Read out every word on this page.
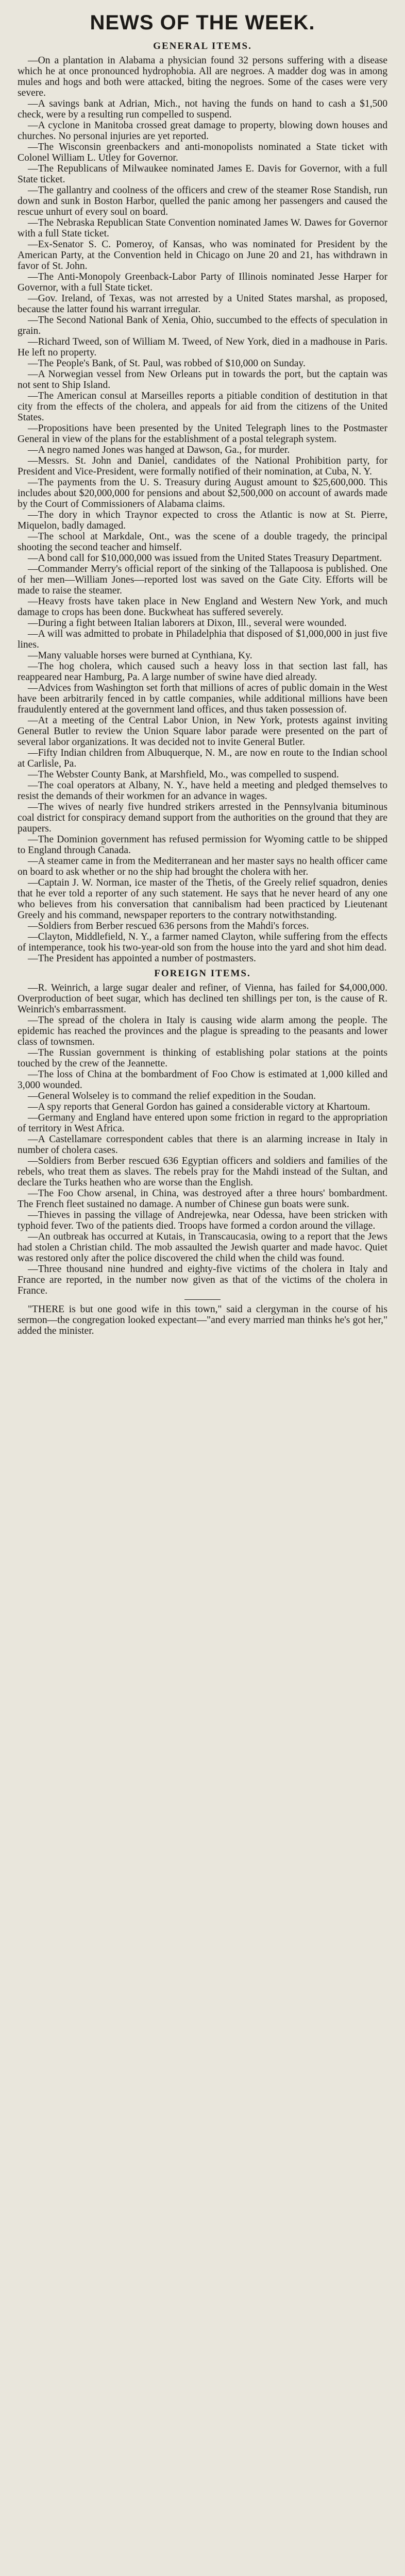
NEWS OF THE WEEK.
GENERAL ITEMS.

—On a plantation in Alabama a physician found 32 persons suffering with a disease which he at once pronounced hydrophobia. All are negroes. A madder dog was in among mules and hogs and both were attacked, biting the negroes. Some of the cases were very severe.

—A savings bank at Adrian, Mich., not having the funds on hand to cash a $1,500 check, were by a resulting run compelled to suspend.

—A cyclone in Manitoba crossed great damage to property, blowing down houses and churches. No personal injuries are yet reported.

—The Wisconsin greenbackers and anti-monopolists nominated a State ticket with Colonel William L. Utley for Governor.

—The Republicans of Milwaukee nominated James E. Davis for Governor, with a full State ticket.

—The gallantry and coolness of the officers and crew of the steamer Rose Standish, run down and sunk in Boston Harbor, quelled the panic among her passengers and caused the rescue unhurt of every soul on board.

—The Nebraska Republican State Convention nominated James W. Dawes for Governor with a full State ticket.

—Ex-Senator S. C. Pomeroy, of Kansas, who was nominated for President by the American Party, at the Convention held in Chicago on June 20 and 21, has withdrawn in favor of St. John.

—The Anti-Monopoly Greenback-Labor Party of Illinois nominated Jesse Harper for Governor, with a full State ticket.

—Gov. Ireland, of Texas, was not arrested by a United States marshal, as proposed, because the latter found his warrant irregular.

—The Second National Bank of Xenia, Ohio, succumbed to the effects of speculation in grain.

—Richard Tweed, son of William M. Tweed, of New York, died in a madhouse in Paris. He left no property.

—The People's Bank, of St. Paul, was robbed of $10,000 on Sunday.

—A Norwegian vessel from New Orleans put in towards the port, but the captain was not sent to Ship Island.

—The American consul at Marseilles reports a pitiable condition of destitution in that city from the effects of the cholera, and appeals for aid from the citizens of the United States.

—Propositions have been presented by the United Telegraph lines to the Postmaster General in view of the plans for the establishment of a postal telegraph system.

—A negro named Jones was hanged at Dawson, Ga., for murder.

—Messrs. St. John and Daniel, candidates of the National Prohibition party, for President and Vice-President, were formally notified of their nomination, at Cuba, N. Y.

—The payments from the U. S. Treasury during August amount to $25,600,000. This includes about $20,000,000 for pensions and about $2,500,000 on account of awards made by the Court of Commissioners of Alabama claims.

—The dory in which Traynor expected to cross the Atlantic is now at St. Pierre, Miquelon, badly damaged.

—The school at Markdale, Ont., was the scene of a double tragedy, the principal shooting the second teacher and himself.

—A bond call for $10,000,000 was issued from the United States Treasury Department.

—Commander Merry's official report of the sinking of the Tallapoosa is published. One of her men—William Jones—reported lost was saved on the Gate City. Efforts will be made to raise the steamer.

—Heavy frosts have taken place in New England and Western New York, and much damage to crops has been done. Buckwheat has suffered severely.

—During a fight between Italian laborers at Dixon, Ill., several were wounded.

—A will was admitted to probate in Philadelphia that disposed of $1,000,000 in just five lines.

—Many valuable horses were burned at Cynthiana, Ky.

—The hog cholera, which caused such a heavy loss in that section last fall, has reappeared near Hamburg, Pa. A large number of swine have died already.

—Advices from Washington set forth that millions of acres of public domain in the West have been arbitrarily fenced in by cattle companies, while additional millions have been fraudulently entered at the government land offices, and thus taken possession of.

—At a meeting of the Central Labor Union, in New York, protests against inviting General Butler to review the Union Square labor parade were presented on the part of several labor organizations. It was decided not to invite General Butler.

—Fifty Indian children from Albuquerque, N. M., are now en route to the Indian school at Carlisle, Pa.

—The Webster County Bank, at Marshfield, Mo., was compelled to suspend.

—The coal operators at Albany, N. Y., have held a meeting and pledged themselves to resist the demands of their workmen for an advance in wages.

—The wives of nearly five hundred strikers arrested in the Pennsylvania bituminous coal district for conspiracy demand support from the authorities on the ground that they are paupers.

—The Dominion government has refused permission for Wyoming cattle to be shipped to England through Canada.

—A steamer came in from the Mediterranean and her master says no health officer came on board to ask whether or no the ship had brought the cholera with her.

—Captain J. W. Norman, ice master of the Thetis, of the Greely relief squadron, denies that he ever told a reporter of any such statement. He says that he never heard of any one who believes from his conversation that cannibalism had been practiced by Lieutenant Greely and his command, newspaper reporters to the contrary notwithstanding.

—Soldiers from Berber rescued 636 persons from the Mahdi's forces.

—Clayton, Middlefield, N. Y., a farmer named Clayton, while suffering from the effects of intemperance, took his two-year-old son from the house into the yard and shot him dead.

—The President has appointed a number of postmasters.

FOREIGN ITEMS.

—R. Weinrich, a large sugar dealer and refiner, of Vienna, has failed for $4,000,000. Overproduction of beet sugar, which has declined ten shillings per ton, is the cause of R. Weinrich's embarrassment.

—The spread of the cholera in Italy is causing wide alarm among the people. The epidemic has reached the provinces and the plague is spreading to the peasants and lower class of townsmen.

—The Russian government is thinking of establishing polar stations at the points touched by the crew of the Jeannette.

—The loss of China at the bombardment of Foo Chow is estimated at 1,000 killed and 3,000 wounded.

—General Wolseley is to command the relief expedition in the Soudan.

—A spy reports that General Gordon has gained a considerable victory at Khartoum.

—Germany and England have entered upon some friction in regard to the appropriation of territory in West Africa.

—A Castellamare correspondent cables that there is an alarming increase in Italy in number of cholera cases.

—Soldiers from Berber rescued 636 Egyptian officers and soldiers and families of the rebels, who treat them as slaves. The rebels pray for the Mahdi instead of the Sultan, and declare the Turks heathen who are worse than the English.

—The Foo Chow arsenal, in China, was destroyed after a three hours' bombardment. The French fleet sustained no damage. A number of Chinese gun boats were sunk.

—Thieves in passing the village of Andrejewka, near Odessa, have been stricken with typhoid fever. Two of the patients died. Troops have formed a cordon around the village.

—An outbreak has occurred at Kutais, in Transcaucasia, owing to a report that the Jews had stolen a Christian child. The mob assaulted the Jewish quarter and made havoc. Quiet was restored only after the police discovered the child when the child was found.

—Three thousand nine hundred and eighty-five victims of the cholera in Italy and France are reported, in the number now given as that of the victims of the cholera in France.

"THERE is but one good wife in this town," said a clergyman in the course of his sermon—the congregation looked expectant—"and every married man thinks he's got her," added the minister.
